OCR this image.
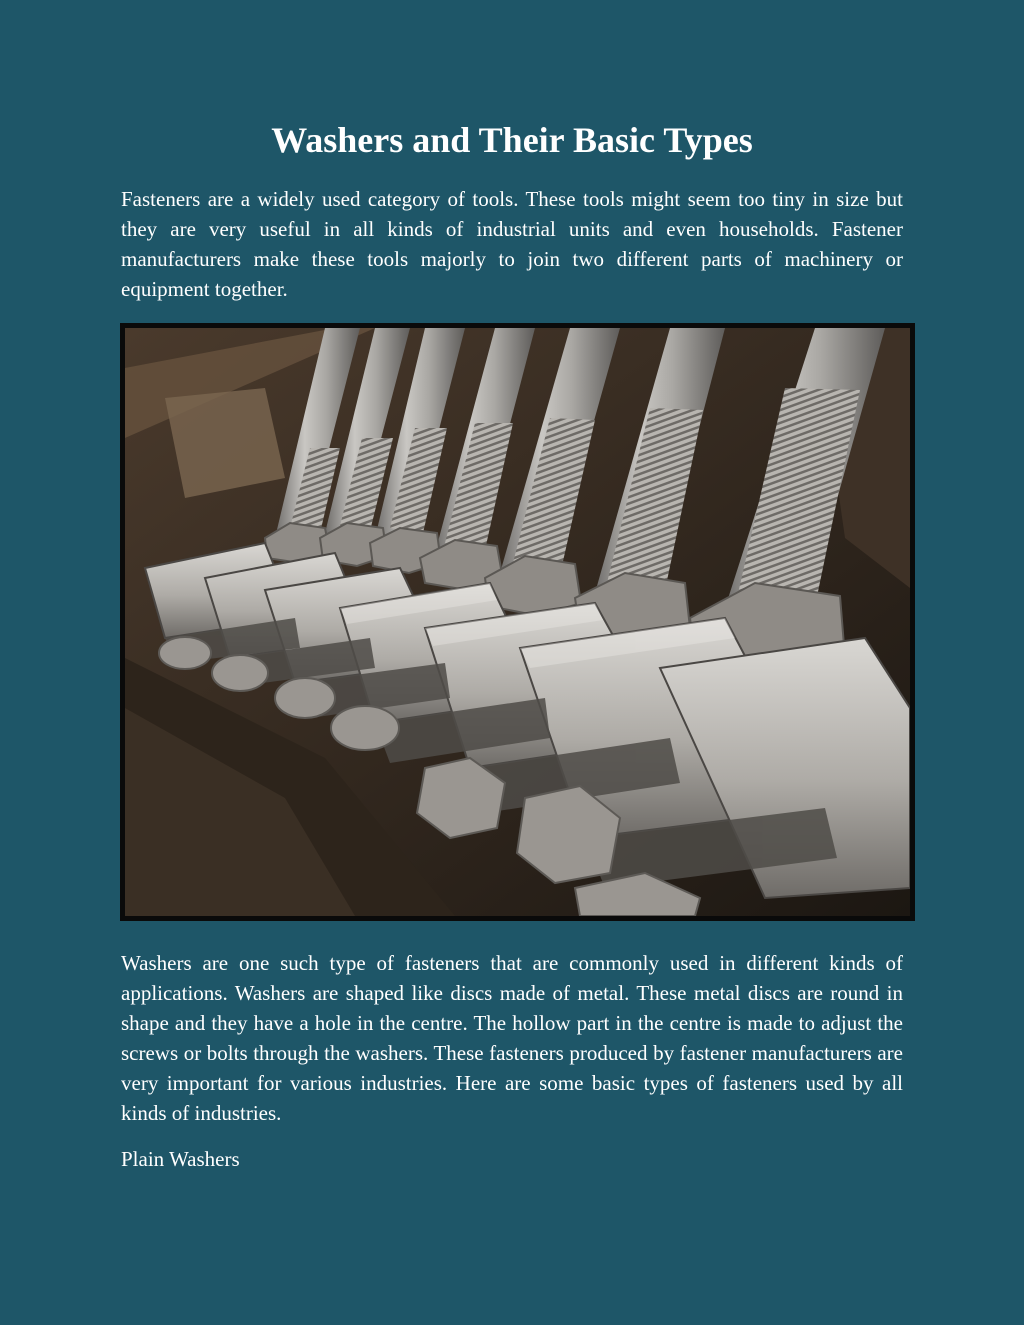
Washers and Their Basic Types

Fasteners are a widely used category of tools. These tools might seem too tiny in size but they are very useful in all kinds of industrial units and even households. Fastener manufacturers make these tools majorly to join two different parts of machinery or equipment together.

Washers are one such type of fasteners that are commonly used in different kinds of applications. Washers are shaped like discs made of metal. These metal discs are round in shape and they have a hole in the centre. The hollow part in the centre is made to adjust the screws or bolts through the washers. These fasteners produced by fastener manufacturers are very important for various industries. Here are some basic types of fasteners used by all kinds of industries.

Plain Washers
